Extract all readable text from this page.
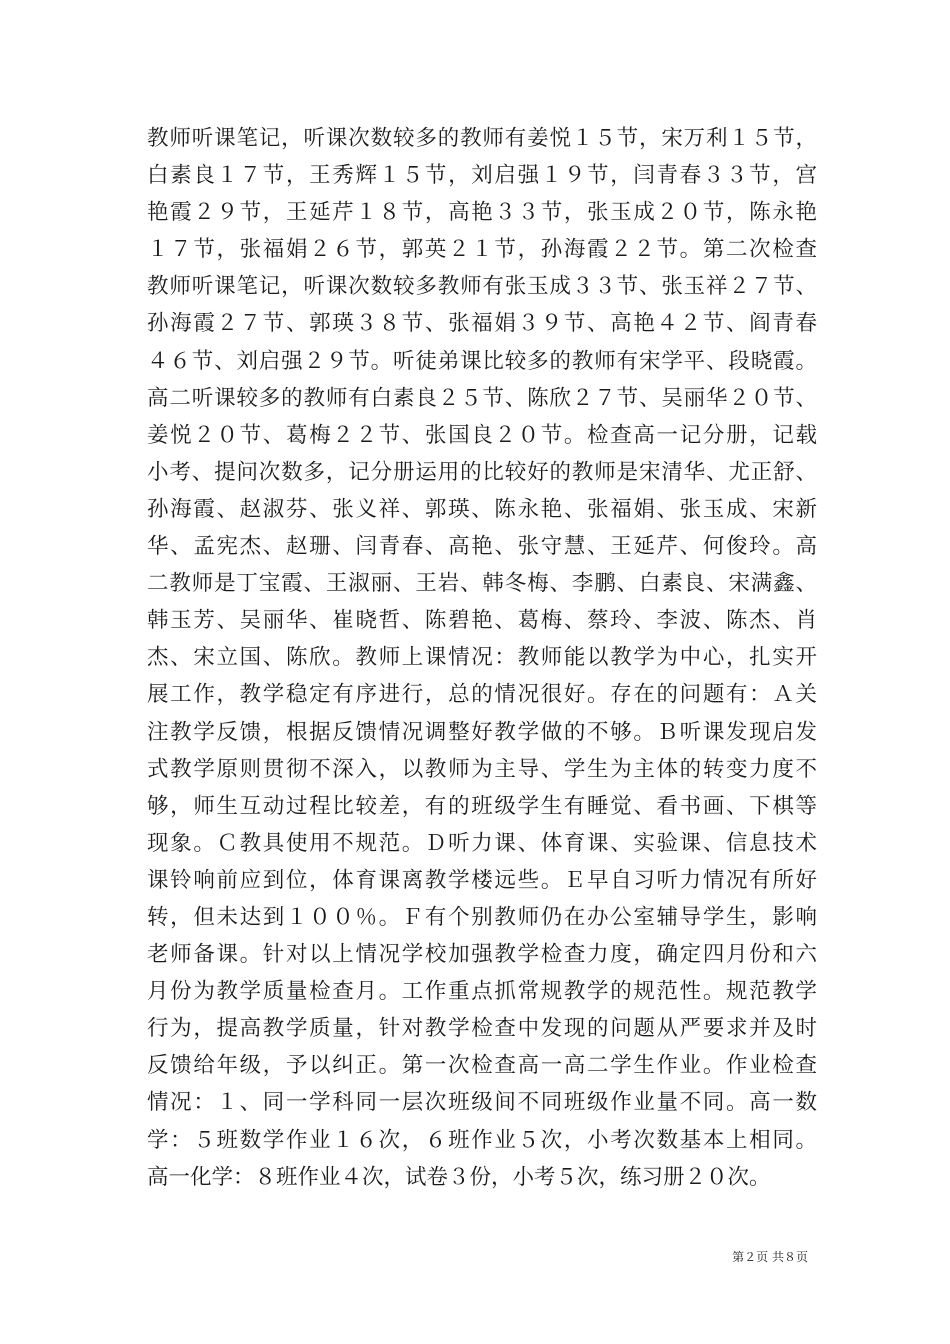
教师听课笔记，听课次数较多的教师有姜悦１５节，宋万利１５节，
白素良１７节，王秀辉１５节，刘启强１９节，闫青春３３节，宫
艳霞２９节，王延芹１８节，高艳３３节，张玉成２０节，陈永艳
１７节，张福娟２６节，郭英２１节，孙海霞２２节。第二次检查
教师听课笔记，听课次数较多教师有张玉成３３节、张玉祥２７节、
孙海霞２７节、郭瑛３８节、张福娟３９节、高艳４２节、阎青春
４６节、刘启强２９节。听徒弟课比较多的教师有宋学平、段晓霞。
高二听课较多的教师有白素良２５节、陈欣２７节、吴丽华２０节、
姜悦２０节、葛梅２２节、张国良２０节。检查高一记分册，记载
小考、提问次数多，记分册运用的比较好的教师是宋清华、尤正舒、
孙海霞、赵淑芬、张义祥、郭瑛、陈永艳、张福娟、张玉成、宋新
华、孟宪杰、赵珊、闫青春、高艳、张守慧、王延芹、何俊玲。高
二教师是丁宝霞、王淑丽、王岩、韩冬梅、李鹏、白素良、宋满鑫、
韩玉芳、吴丽华、崔晓哲、陈碧艳、葛梅、蔡玲、李波、陈杰、肖
杰、宋立国、陈欣。教师上课情况：教师能以教学为中心，扎实开
展工作，教学稳定有序进行，总的情况很好。存在的问题有：Ａ关
注教学反馈，根据反馈情况调整好教学做的不够。Ｂ听课发现启发
式教学原则贯彻不深入，以教师为主导、学生为主体的转变力度不
够，师生互动过程比较差，有的班级学生有睡觉、看书画、下棋等
现象。Ｃ教具使用不规范。Ｄ听力课、体育课、实验课、信息技术
课铃响前应到位，体育课离教学楼远些。Ｅ早自习听力情况有所好
转，但未达到１００％。Ｆ有个别教师仍在办公室辅导学生，影响
老师备课。针对以上情况学校加强教学检查力度，确定四月份和六
月份为教学质量检查月。工作重点抓常规教学的规范性。规范教学
行为，提高教学质量，针对教学检查中发现的问题从严要求并及时
反馈给年级，予以纠正。第一次检查高一高二学生作业。作业检查
情况：１、同一学科同一层次班级间不同班级作业量不同。高一数
学：５班数学作业１６次，６班作业５次，小考次数基本上相同。
高一化学：８班作业４次，试卷３份，小考５次，练习册２０次。
第２页 共８页
